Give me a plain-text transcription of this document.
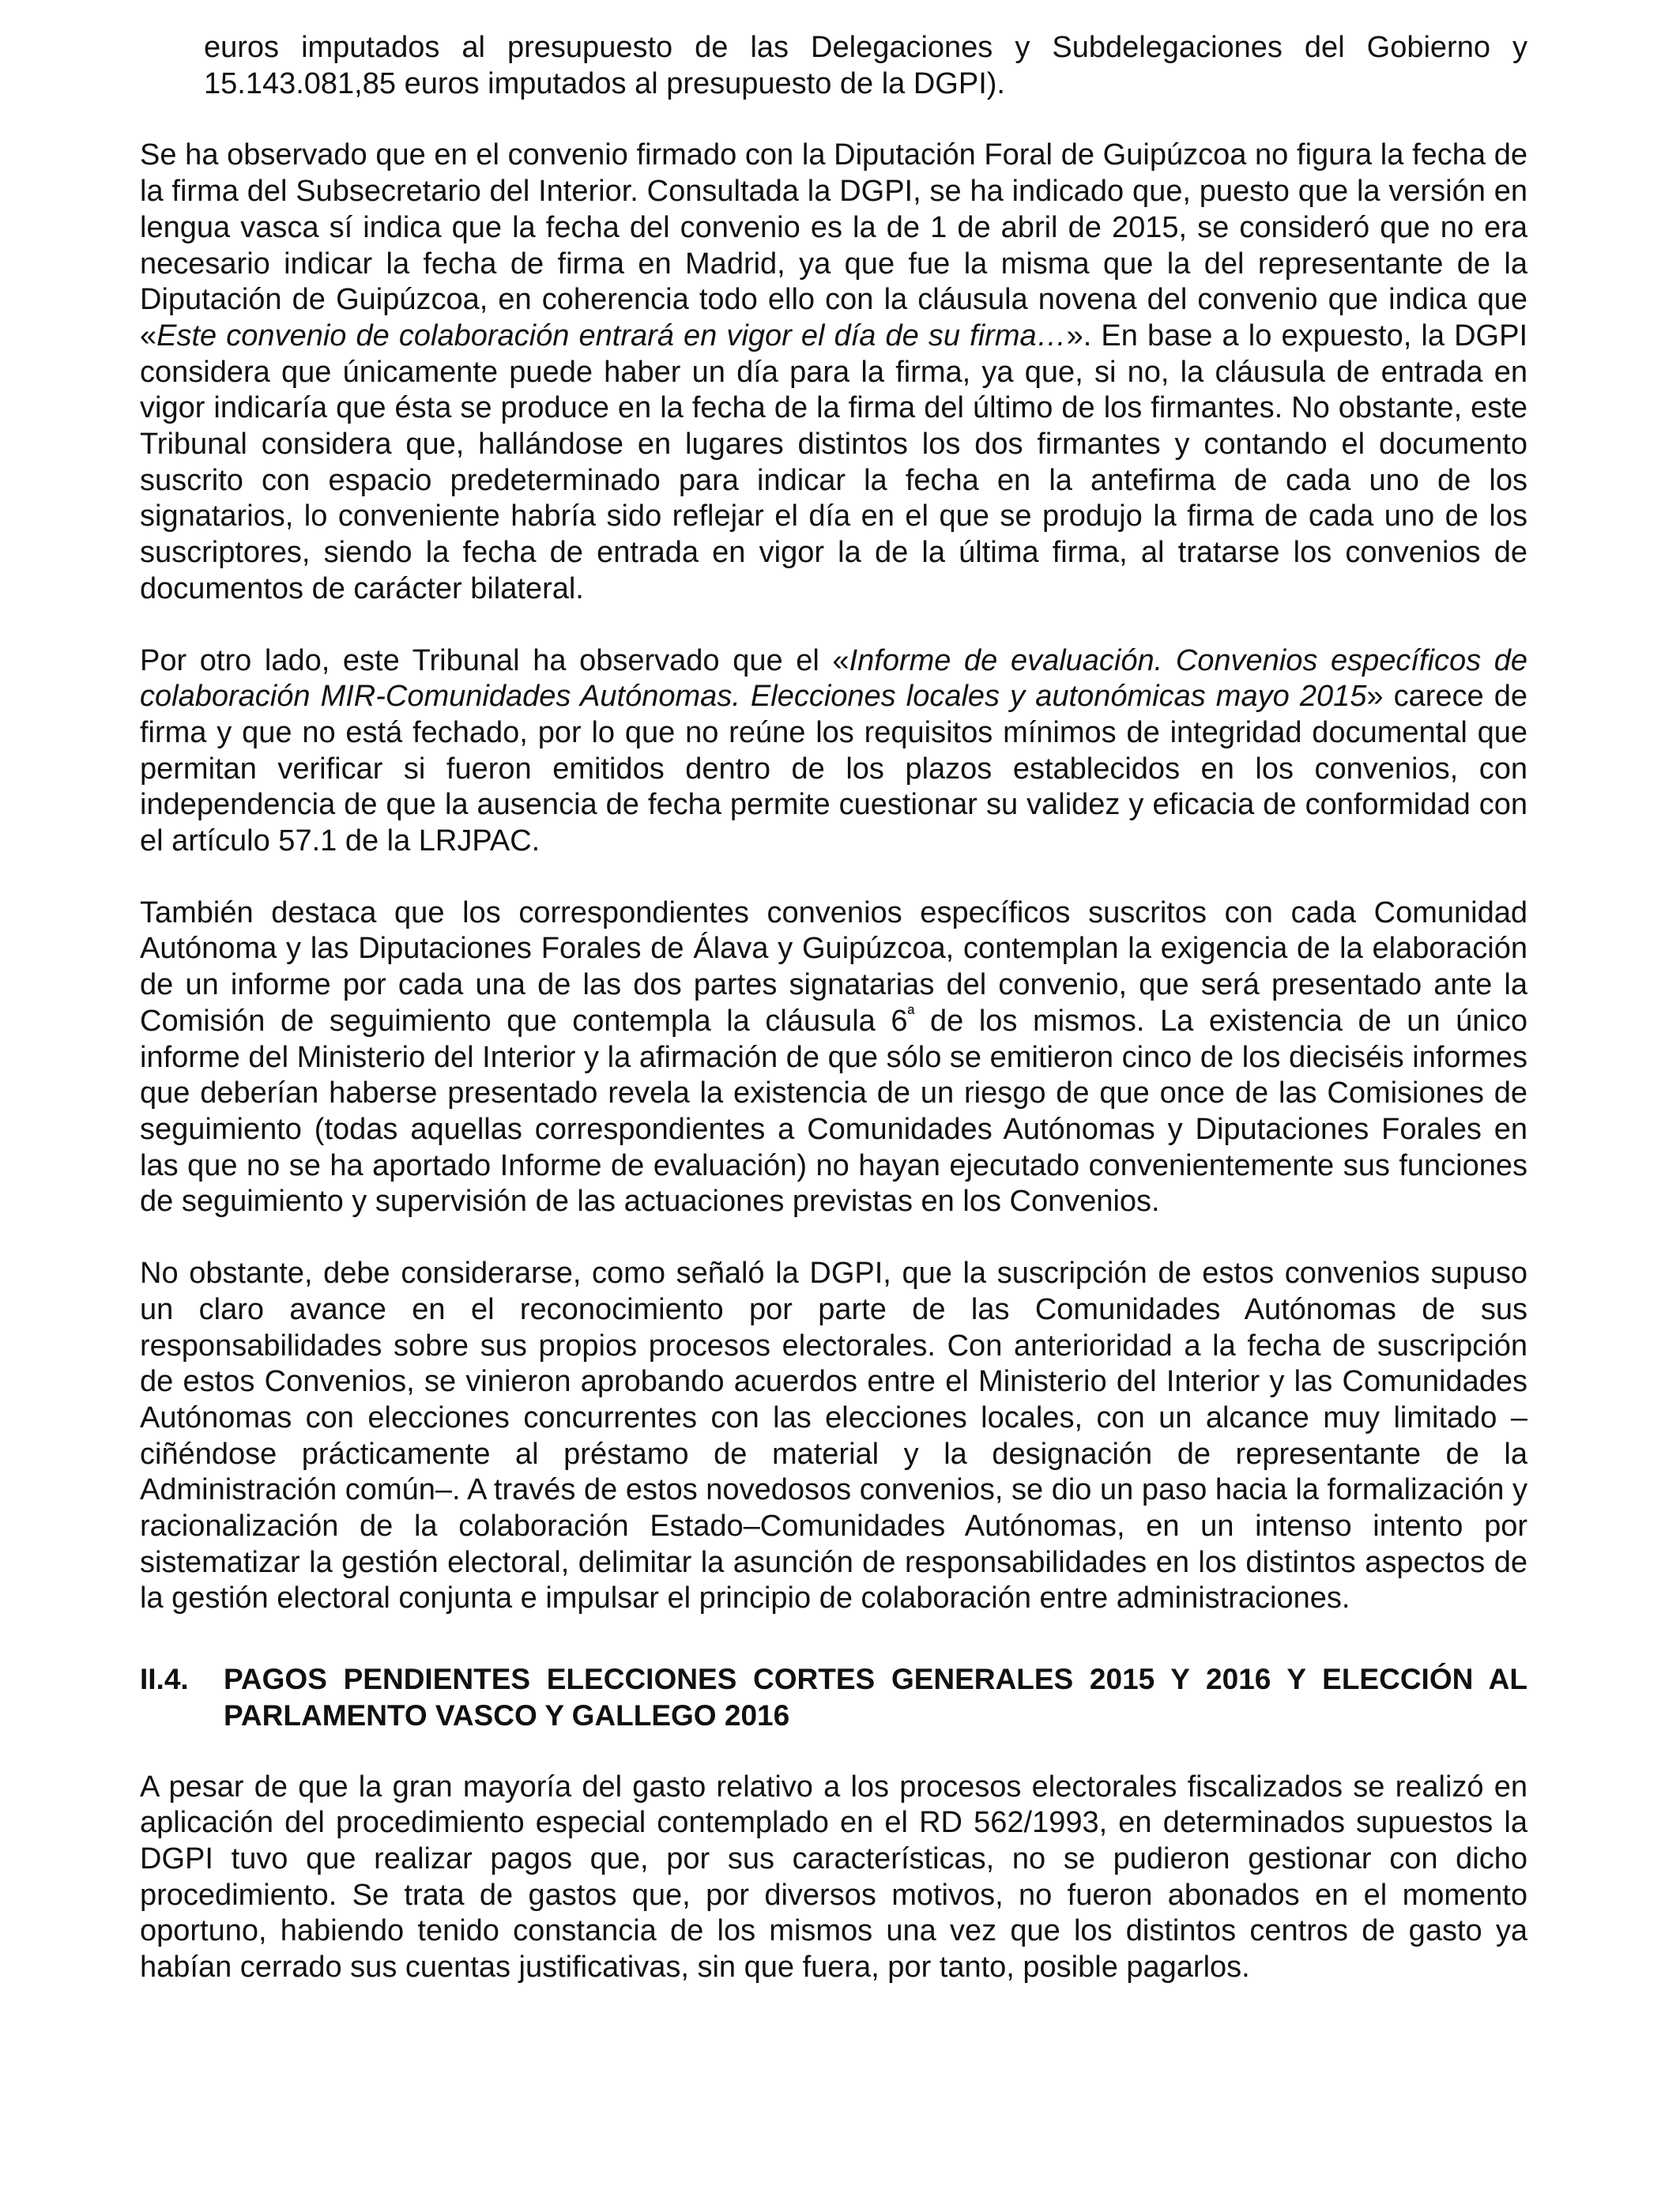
euros imputados al presupuesto de las Delegaciones y Subdelegaciones del Gobierno y 15.143.081,85 euros imputados al presupuesto de la DGPI).

Se ha observado que en el convenio firmado con la Diputación Foral de Guipúzcoa no figura la fecha de la firma del Subsecretario del Interior. Consultada la DGPI, se ha indicado que, puesto que la versión en lengua vasca sí indica que la fecha del convenio es la de 1 de abril de 2015, se consideró que no era necesario indicar la fecha de firma en Madrid, ya que fue la misma que la del representante de la Diputación de Guipúzcoa, en coherencia todo ello con la cláusula novena del convenio que indica que «Este convenio de colaboración entrará en vigor el día de su firma…». En base a lo expuesto, la DGPI considera que únicamente puede haber un día para la firma, ya que, si no, la cláusula de entrada en vigor indicaría que ésta se produce en la fecha de la firma del último de los firmantes. No obstante, este Tribunal considera que, hallándose en lugares distintos los dos firmantes y contando el documento suscrito con espacio predeterminado para indicar la fecha en la antefirma de cada uno de los signatarios, lo conveniente habría sido reflejar el día en el que se produjo la firma de cada uno de los suscriptores, siendo la fecha de entrada en vigor la de la última firma, al tratarse los convenios de documentos de carácter bilateral.

Por otro lado, este Tribunal ha observado que el «Informe de evaluación. Convenios específicos de colaboración MIR-Comunidades Autónomas. Elecciones locales y autonómicas mayo 2015» carece de firma y que no está fechado, por lo que no reúne los requisitos mínimos de integridad documental que permitan verificar si fueron emitidos dentro de los plazos establecidos en los convenios, con independencia de que la ausencia de fecha permite cuestionar su validez y eficacia de conformidad con el artículo 57.1 de la LRJPAC.

También destaca que los correspondientes convenios específicos suscritos con cada Comunidad Autónoma y las Diputaciones Forales de Álava y Guipúzcoa, contemplan la exigencia de la elaboración de un informe por cada una de las dos partes signatarias del convenio, que será presentado ante la Comisión de seguimiento que contempla la cláusula $6^ª$ de los mismos. La existencia de un único informe del Ministerio del Interior y la afirmación de que sólo se emitieron cinco de los dieciséis informes que deberían haberse presentado revela la existencia de un riesgo de que once de las Comisiones de seguimiento (todas aquellas correspondientes a Comunidades Autónomas y Diputaciones Forales en las que no se ha aportado Informe de evaluación) no hayan ejecutado convenientemente sus funciones de seguimiento y supervisión de las actuaciones previstas en los Convenios.

No obstante, debe considerarse, como señaló la DGPI, que la suscripción de estos convenios supuso un claro avance en el reconocimiento por parte de las Comunidades Autónomas de sus responsabilidades sobre sus propios procesos electorales. Con anterioridad a la fecha de suscripción de estos Convenios, se vinieron aprobando acuerdos entre el Ministerio del Interior y las Comunidades Autónomas con elecciones concurrentes con las elecciones locales, con un alcance muy limitado –ciñéndose prácticamente al préstamo de material y la designación de representante de la Administración común–. A través de estos novedosos convenios, se dio un paso hacia la formalización y racionalización de la colaboración Estado–Comunidades Autónomas, en un intenso intento por sistematizar la gestión electoral, delimitar la asunción de responsabilidades en los distintos aspectos de la gestión electoral conjunta e impulsar el principio de colaboración entre administraciones.

II.4.	PAGOS PENDIENTES ELECCIONES CORTES GENERALES 2015 Y 2016 Y ELECCIÓN AL PARLAMENTO VASCO Y GALLEGO 2016

A pesar de que la gran mayoría del gasto relativo a los procesos electorales fiscalizados se realizó en aplicación del procedimiento especial contemplado en el RD 562/1993, en determinados supuestos la DGPI tuvo que realizar pagos que, por sus características, no se pudieron gestionar con dicho procedimiento. Se trata de gastos que, por diversos motivos, no fueron abonados en el momento oportuno, habiendo tenido constancia de los mismos una vez que los distintos centros de gasto ya habían cerrado sus cuentas justificativas, sin que fuera, por tanto, posible pagarlos.
